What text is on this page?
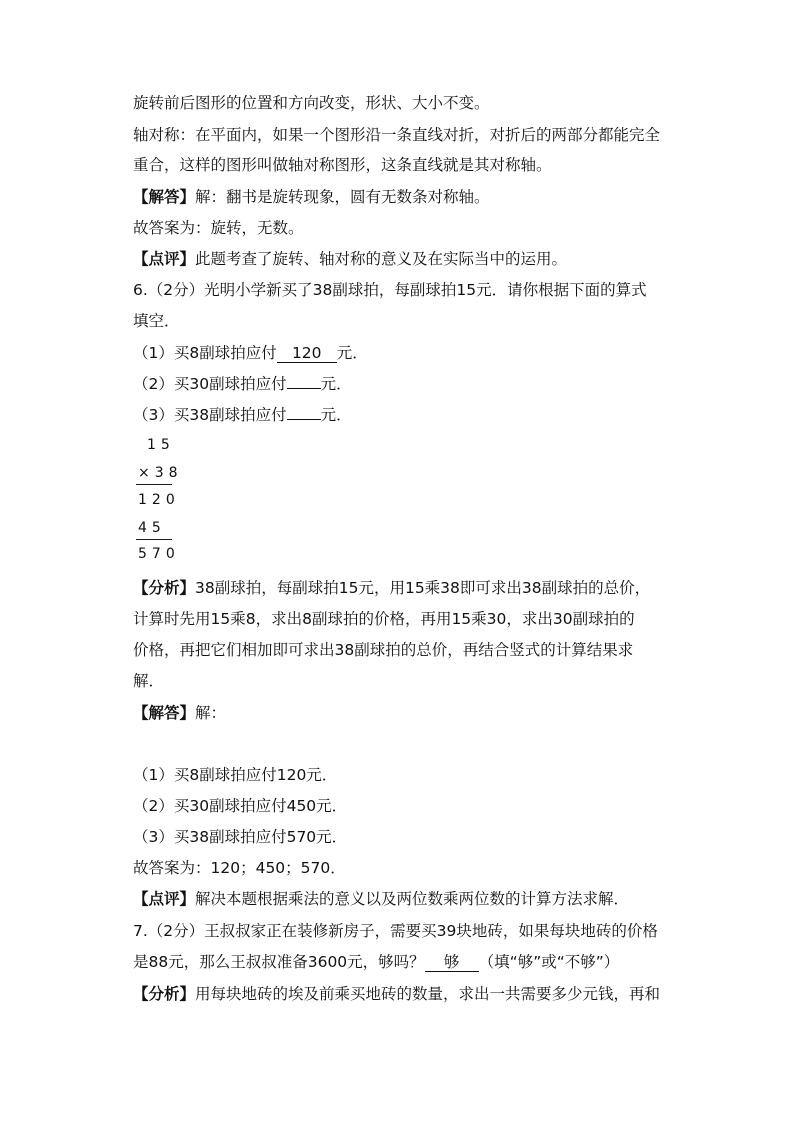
旋转前后图形的位置和方向改变，形状、大小不变。
轴对称：在平面内，如果一个图形沿一条直线对折，对折后的两部分都能完全
重合，这样的图形叫做轴对称图形，这条直线就是其对称轴。
【解答】解：翻书是旋转现象，圆有无数条对称轴。
故答案为：旋转，无数。
【点评】此题考查了旋转、轴对称的意义及在实际当中的运用。
6.（2分）光明小学新买了38副球拍，每副球拍15元．请你根据下面的算式
填空．
（1）买8副球拍应付 120 元．
（2）买30副球拍应付 元．
（3）买38副球拍应付 元．
15
×38
120
45
570
【分析】38副球拍，每副球拍15元，用15乘38即可求出38副球拍的总价，
计算时先用15乘8，求出8副球拍的价格，再用15乘30，求出30副球拍的
价格，再把它们相加即可求出38副球拍的总价，再结合竖式的计算结果求
解．
【解答】解：
（1）买8副球拍应付120元．
（2）买30副球拍应付450元．
（3）买38副球拍应付570元．
故答案为：120；450；570．
【点评】解决本题根据乘法的意义以及两位数乘两位数的计算方法求解．
7.（2分）王叔叔家正在装修新房子，需要买39块地砖，如果每块地砖的价格
是88元，那么王叔叔准备3600元，够吗？ 够 （填“够”或“不够”）
【分析】用每块地砖的埃及前乘买地砖的数量，求出一共需要多少元钱，再和
